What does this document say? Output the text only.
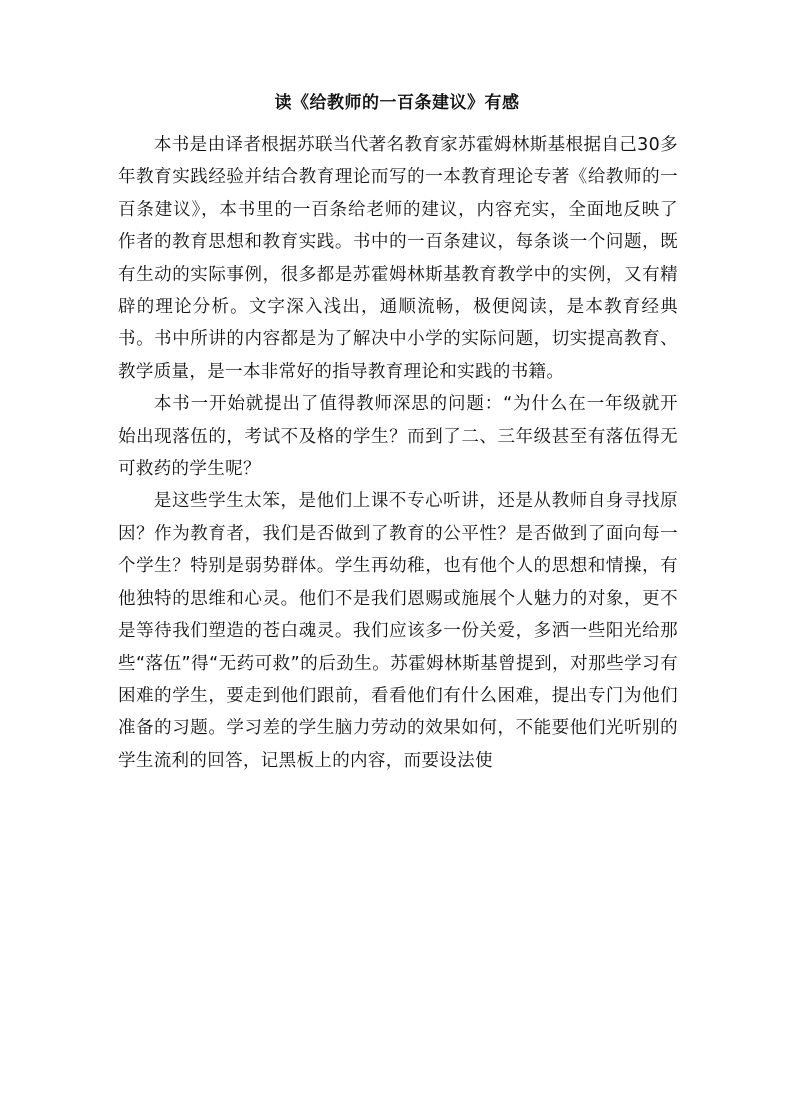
读《给教师的一百条建议》有感

本书是由译者根据苏联当代著名教育家苏霍姆林斯基根据自己30多年教育实践经验并结合教育理论而写的一本教育理论专著《给教师的一百条建议》，本书里的一百条给老师的建议，内容充实，全面地反映了作者的教育思想和教育实践。书中的一百条建议，每条谈一个问题，既有生动的实际事例，很多都是苏霍姆林斯基教育教学中的实例，又有精辟的理论分析。文字深入浅出，通顺流畅，极便阅读，是本教育经典书。书中所讲的内容都是为了解决中小学的实际问题，切实提高教育、教学质量，是一本非常好的指导教育理论和实践的书籍。

本书一开始就提出了值得教师深思的问题：“为什么在一年级就开始出现落伍的，考试不及格的学生？而到了二、三年级甚至有落伍得无可救药的学生呢？

是这些学生太笨，是他们上课不专心听讲，还是从教师自身寻找原因？作为教育者，我们是否做到了教育的公平性？是否做到了面向每一个学生？特别是弱势群体。学生再幼稚，也有他个人的思想和情操，有他独特的思维和心灵。他们不是我们恩赐或施展个人魅力的对象，更不是等待我们塑造的苍白魂灵。我们应该多一份关爱，多洒一些阳光给那些“落伍”得“无药可救”的后劲生。苏霍姆林斯基曾提到，对那些学习有困难的学生，要走到他们跟前，看看他们有什么困难，提出专门为他们准备的习题。学习差的学生脑力劳动的效果如何，不能要他们光听别的学生流利的回答，记黑板上的内容，而要设法使
